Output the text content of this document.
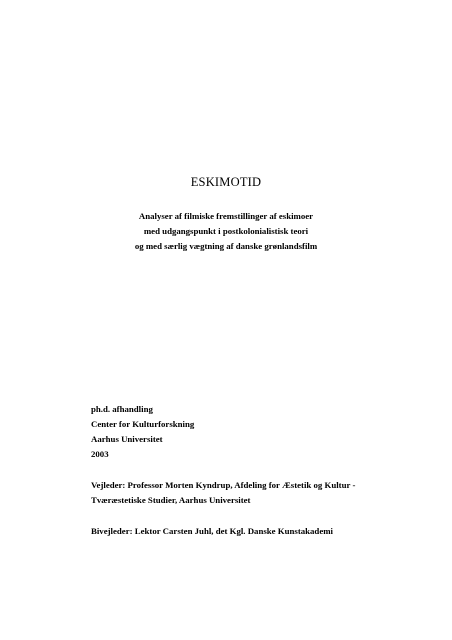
ESKIMOTID
Analyser af filmiske fremstillinger af eskimoer
med udgangspunkt i postkolonialistisk teori
og med særlig vægtning af danske grønlandsfilm
ph.d. afhandling
Center for Kulturforskning
Aarhus Universitet
2003
Vejleder: Professor Morten Kyndrup, Afdeling for Æstetik og Kultur -
Tværæstetiske Studier, Aarhus Universitet
Bivejleder: Lektor Carsten Juhl, det Kgl. Danske Kunstakademi
